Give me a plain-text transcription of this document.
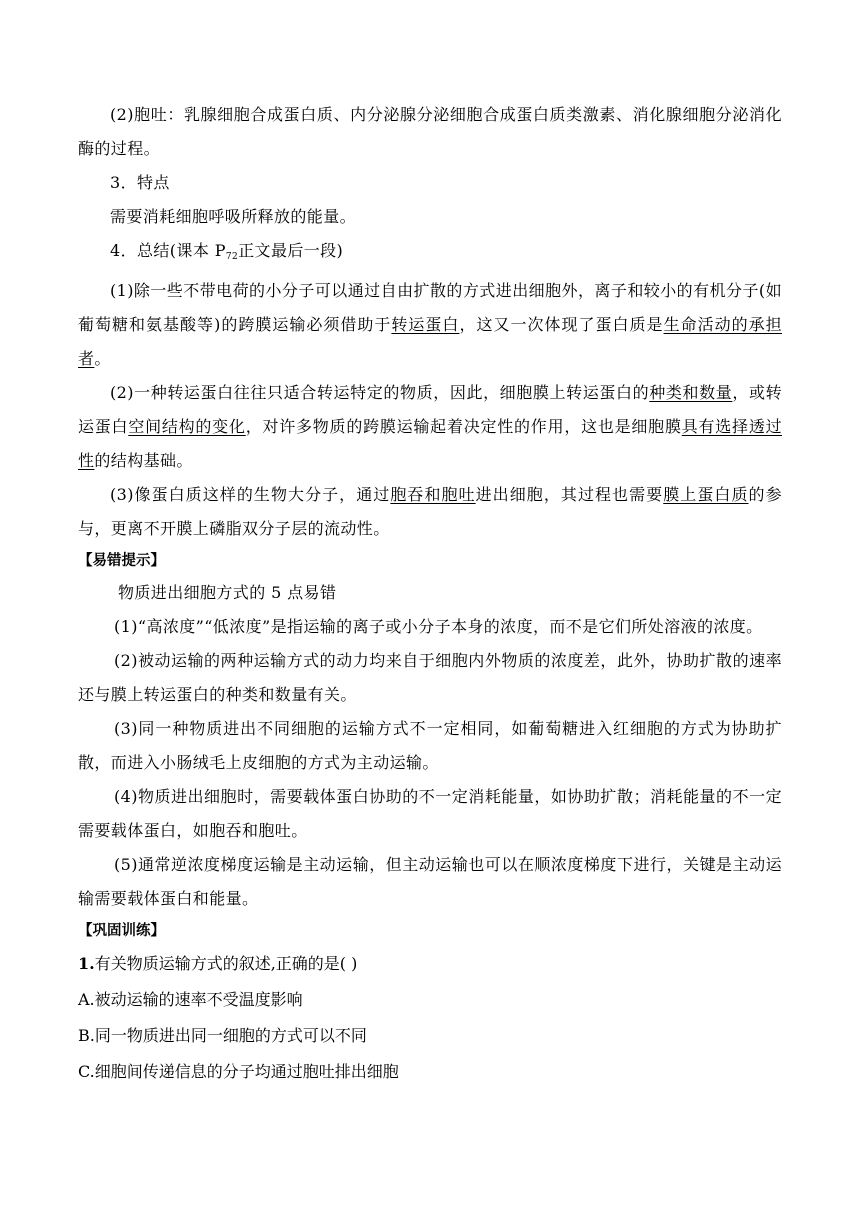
(2)胞吐：乳腺细胞合成蛋白质、内分泌腺分泌细胞合成蛋白质类激素、消化腺细胞分泌消化酶的过程。

3．特点

需要消耗细胞呼吸所释放的能量。

4．总结(课本 $P_{72}$正文最后一段)

(1)除一些不带电荷的小分子可以通过自由扩散的方式进出细胞外，离子和较小的有机分子(如葡萄糖和氨基酸等)的跨膜运输必须借助于转运蛋白，这又一次体现了蛋白质是生命活动的承担者。

(2)一种转运蛋白往往只适合转运特定的物质，因此，细胞膜上转运蛋白的种类和数量，或转运蛋白空间结构的变化，对许多物质的跨膜运输起着决定性的作用，这也是细胞膜具有选择透过性的结构基础。

(3)像蛋白质这样的生物大分子，通过胞吞和胞吐进出细胞，其过程也需要膜上蛋白质的参与，更离不开膜上磷脂双分子层的流动性。

【易错提示】

物质进出细胞方式的 5 点易错

(1)“高浓度”“低浓度”是指运输的离子或小分子本身的浓度，而不是它们所处溶液的浓度。

(2)被动运输的两种运输方式的动力均来自于细胞内外物质的浓度差，此外，协助扩散的速率还与膜上转运蛋白的种类和数量有关。

(3)同一种物质进出不同细胞的运输方式不一定相同，如葡萄糖进入红细胞的方式为协助扩散，而进入小肠绒毛上皮细胞的方式为主动运输。

(4)物质进出细胞时，需要载体蛋白协助的不一定消耗能量，如协助扩散；消耗能量的不一定需要载体蛋白，如胞吞和胞吐。

(5)通常逆浓度梯度运输是主动运输，但主动运输也可以在顺浓度梯度下进行，关键是主动运输需要载体蛋白和能量。

【巩固训练】

1.有关物质运输方式的叙述,正确的是( )

A.被动运输的速率不受温度影响

B.同一物质进出同一细胞的方式可以不同

C.细胞间传递信息的分子均通过胞吐排出细胞
